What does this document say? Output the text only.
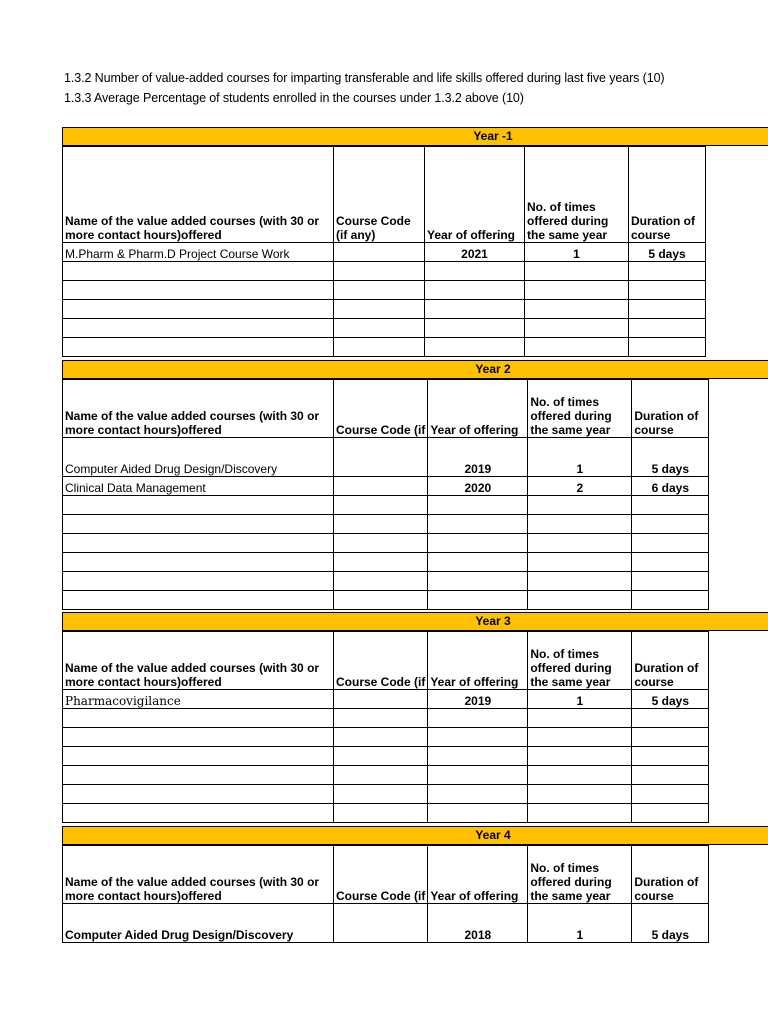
1.3.2 Number of value-added courses for imparting transferable and life skills offered during last five years (10)
1.3.3 Average Percentage of students enrolled in the courses under 1.3.2 above (10)
Year -1
Name of the value added courses (with 30 or more contact hours)offered	Course Code (if any)	Year of offering	No. of times offered during the same year	Duration of course
M.Pharm & Pharm.D Project Course Work		2021	1	5 days

Year 2
Name of the value added courses (with 30 or more contact hours)offered	Course Code (if	Year of offering	No. of times offered during the same year	Duration of course
Computer Aided Drug Design/Discovery		2019	1	5 days
Clinical Data Management		2020	2	6 days

Year 3
Name of the value added courses (with 30 or more contact hours)offered	Course Code (if	Year of offering	No. of times offered during the same year	Duration of course
Pharmacovigilance		2019	1	5 days

Year 4
Name of the value added courses (with 30 or more contact hours)offered	Course Code (if	Year of offering	No. of times offered during the same year	Duration of course
Computer Aided Drug Design/Discovery		2018	1	5 days
